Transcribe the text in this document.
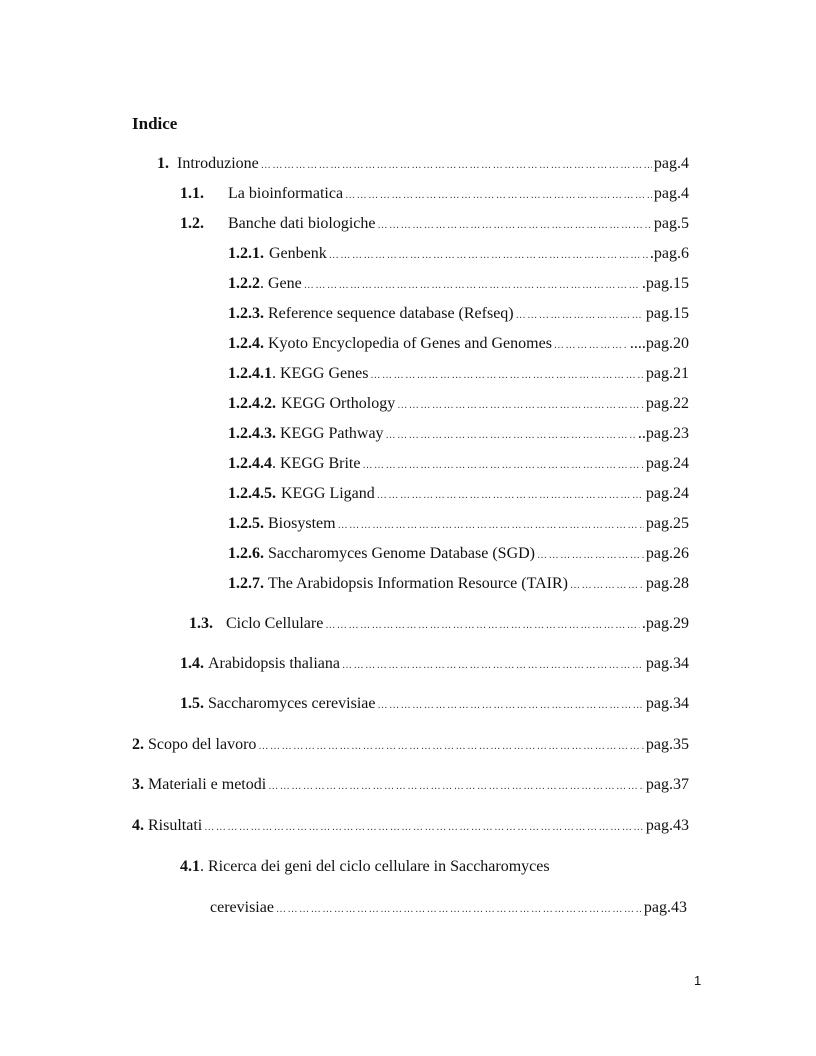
Indice
1. Introduzione ………………………………………………………………………………………………………………………………………………………………………………………………	pag.4
1.1.	La bioinformatica ………………………………………………………………………………………………………………………………………………………………………………………………	pag.4
1.2.	Banche dati biologiche ………………………………………………………………………………………………………………………………………………………………………………………………	pag.5
1.2.1. Genbenk ………………………………………………………………………………………………………………………………………………………………………………………………	.pag.6
1.2.2 . Gene ………………………………………………………………………………………………………………………………………………………………………………………………	.pag.15
1.2.3. Reference sequence database (Refseq) ………………………………………………………………………………………………………………………………………………………………………………………………	pag.15
1.2.4. Kyoto Encyclopedia of Genes and Genomes ………………………………………………………………………………………………………………………………………………………………………………………………	....pag.20
1.2.4.1 . KEGG Genes ………………………………………………………………………………………………………………………………………………………………………………………………	pag.21
1.2.4.2. KEGG Orthology ………………………………………………………………………………………………………………………………………………………………………………………………	pag.22
1.2.4.3. KEGG Pathway ………………………………………………………………………………………………………………………………………………………………………………………………	..pag.23
1.2.4.4 . KEGG Brite ………………………………………………………………………………………………………………………………………………………………………………………………	pag.24
1.2.4.5. KEGG Ligand ………………………………………………………………………………………………………………………………………………………………………………………………	pag.24
1.2.5. Biosystem ………………………………………………………………………………………………………………………………………………………………………………………………	pag.25
1.2.6. Saccharomyces Genome Database (SGD) ………………………………………………………………………………………………………………………………………………………………………………………………	pag.26
1.2.7. The Arabidopsis Information Resource (TAIR) ………………………………………………………………………………………………………………………………………………………………………………………………	pag.28
1.3. Ciclo Cellulare ………………………………………………………………………………………………………………………………………………………………………………………………	.pag.29
1.4. Arabidopsis thaliana ………………………………………………………………………………………………………………………………………………………………………………………………	pag.34
1.5. Saccharomyces cerevisiae ………………………………………………………………………………………………………………………………………………………………………………………………	pag.34
2. Scopo del lavoro ………………………………………………………………………………………………………………………………………………………………………………………………	pag.35
3. Materiali e metodi ………………………………………………………………………………………………………………………………………………………………………………………………	pag.37
4. Risultati ………………………………………………………………………………………………………………………………………………………………………………………………	pag.43
4.1. Ricerca dei geni del ciclo cellulare in Saccharomyces
cerevisiae ………………………………………………………………………………………………………………………………………………………………………………………………	pag.43
1
